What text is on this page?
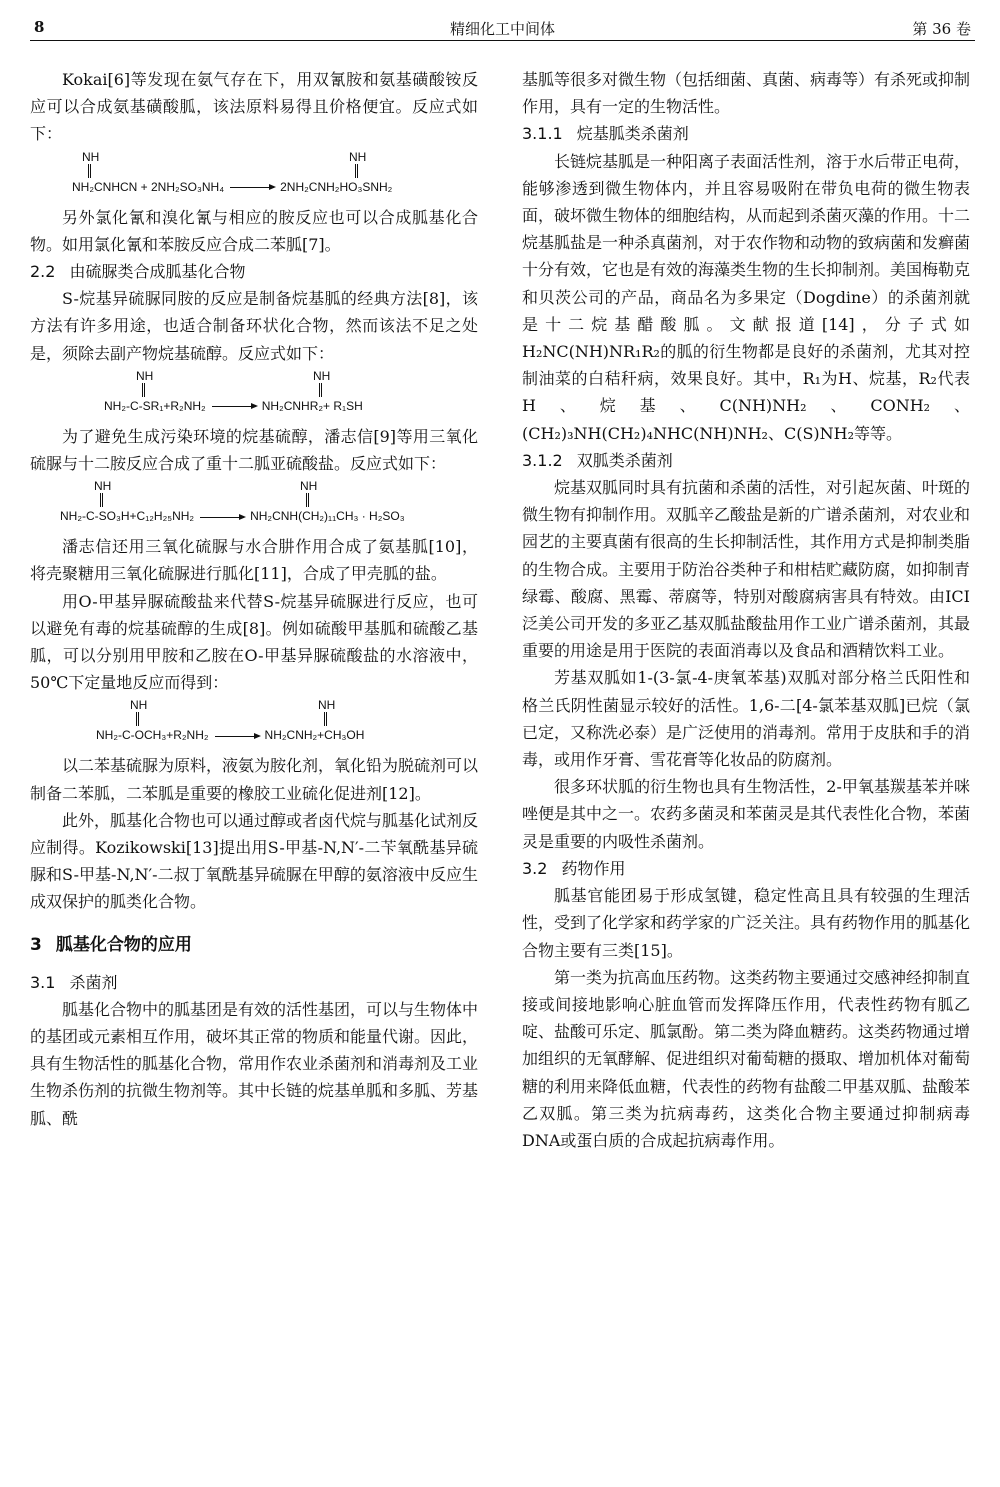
8	精细化工中间体	第 36 卷

Kokai[6]等发现在氨气存在下，用双氰胺和氨基磺酸铵反应可以合成氨基磺酸胍，该法原料易得且价格便宜。反应式如下：

NH	NH
NH₂CNHCN + 2NH₂SO₃NH₄	2NH₂CNH₂HO₃SNH₂

另外氯化氰和溴化氰与相应的胺反应也可以合成胍基化合物。如用氯化氰和苯胺反应合成二苯胍[7]。

2.2 由硫脲类合成胍基化合物

S-烷基异硫脲同胺的反应是制备烷基胍的经典方法[8]，该方法有许多用途，也适合制备环状化合物，然而该法不足之处是，须除去副产物烷基硫醇。反应式如下：

NH	NH
NH₂-C-SR₁+R₂NH₂	NH₂CNHR₂+ R₁SH

为了避免生成污染环境的烷基硫醇，潘志信[9]等用三氧化硫脲与十二胺反应合成了重十二胍亚硫酸盐。反应式如下：

NH	NH
NH₂-C-SO₃H+C₁₂H₂₅NH₂	NH₂CNH(CH₂)₁₁CH₃ · H₂SO₃

潘志信还用三氧化硫脲与水合肼作用合成了氨基胍[10]，将壳聚糖用三氧化硫脲进行胍化[11]，合成了甲壳胍的盐。

用O-甲基异脲硫酸盐来代替S-烷基异硫脲进行反应，也可以避免有毒的烷基硫醇的生成[8]。例如硫酸甲基胍和硫酸乙基胍，可以分别用甲胺和乙胺在O-甲基异脲硫酸盐的水溶液中，50℃下定量地反应而得到：

NH	NH
NH₂-C-OCH₃+R₂NH₂	NH₂CNH₂+CH₃OH

以二苯基硫脲为原料，液氨为胺化剂，氧化铅为脱硫剂可以制备二苯胍，二苯胍是重要的橡胶工业硫化促进剂[12]。

此外，胍基化合物也可以通过醇或者卤代烷与胍基化试剂反应制得。Kozikowski[13]提出用S-甲基-N,N′-二苄氧酰基异硫脲和S-甲基-N,N′-二叔丁氧酰基异硫脲在甲醇的氨溶液中反应生成双保护的胍类化合物。

3 胍基化合物的应用
3.1 杀菌剂

胍基化合物中的胍基团是有效的活性基团，可以与生物体中的基团或元素相互作用，破坏其正常的物质和能量代谢。因此，具有生物活性的胍基化合物，常用作农业杀菌剂和消毒剂及工业生物杀伤剂的抗微生物剂等。其中长链的烷基单胍和多胍、芳基胍、酰

基胍等很多对微生物（包括细菌、真菌、病毒等）有杀死或抑制作用，具有一定的生物活性。

3.1.1 烷基胍类杀菌剂

长链烷基胍是一种阳离子表面活性剂，溶于水后带正电荷，能够渗透到微生物体内，并且容易吸附在带负电荷的微生物表面，破坏微生物体的细胞结构，从而起到杀菌灭藻的作用。十二烷基胍盐是一种杀真菌剂，对于农作物和动物的致病菌和发癣菌十分有效，它也是有效的海藻类生物的生长抑制剂。美国梅勒克和贝茨公司的产品，商品名为多果定（Dogdine）的杀菌剂就是十二烷基醋酸胍。文献报道[14]，分子式如H₂NC(NH)NR₁R₂的胍的衍生物都是良好的杀菌剂，尤其对控制油菜的白秸秆病，效果良好。其中，R₁为H、烷基，R₂代表H、烷基、C(NH)NH₂、CONH₂、(CH₂)₃NH(CH₂)₄NHC(NH)NH₂、C(S)NH₂等等。

3.1.2 双胍类杀菌剂

烷基双胍同时具有抗菌和杀菌的活性，对引起灰菌、叶斑的微生物有抑制作用。双胍辛乙酸盐是新的广谱杀菌剂，对农业和园艺的主要真菌有很高的生长抑制活性，其作用方式是抑制类脂的生物合成。主要用于防治谷类种子和柑桔贮藏防腐，如抑制青绿霉、酸腐、黑霉、蒂腐等，特别对酸腐病害具有特效。由ICI泛美公司开发的多亚乙基双胍盐酸盐用作工业广谱杀菌剂，其最重要的用途是用于医院的表面消毒以及食品和酒精饮料工业。

芳基双胍如1-(3-氯-4-庚氧苯基)双胍对部分格兰氏阳性和格兰氏阴性菌显示较好的活性。1,6-二[4-氯苯基双胍]已烷（氯已定，又称洗必泰）是广泛使用的消毒剂。常用于皮肤和手的消毒，或用作牙膏、雪花膏等化妆品的防腐剂。

很多环状胍的衍生物也具有生物活性，2-甲氧基羰基苯并咪唑便是其中之一。农药多菌灵和苯菌灵是其代表性化合物，苯菌灵是重要的内吸性杀菌剂。

3.2 药物作用

胍基官能团易于形成氢键，稳定性高且具有较强的生理活性，受到了化学家和药学家的广泛关注。具有药物作用的胍基化合物主要有三类[15]。

第一类为抗高血压药物。这类药物主要通过交感神经抑制直接或间接地影响心脏血管而发挥降压作用，代表性药物有胍乙啶、盐酸可乐定、胍氯酚。第二类为降血糖药。这类药物通过增加组织的无氧酵解、促进组织对葡萄糖的摄取、增加机体对葡萄糖的利用来降低血糖，代表性的药物有盐酸二甲基双胍、盐酸苯乙双胍。第三类为抗病毒药，这类化合物主要通过抑制病毒DNA或蛋白质的合成起抗病毒作用。
